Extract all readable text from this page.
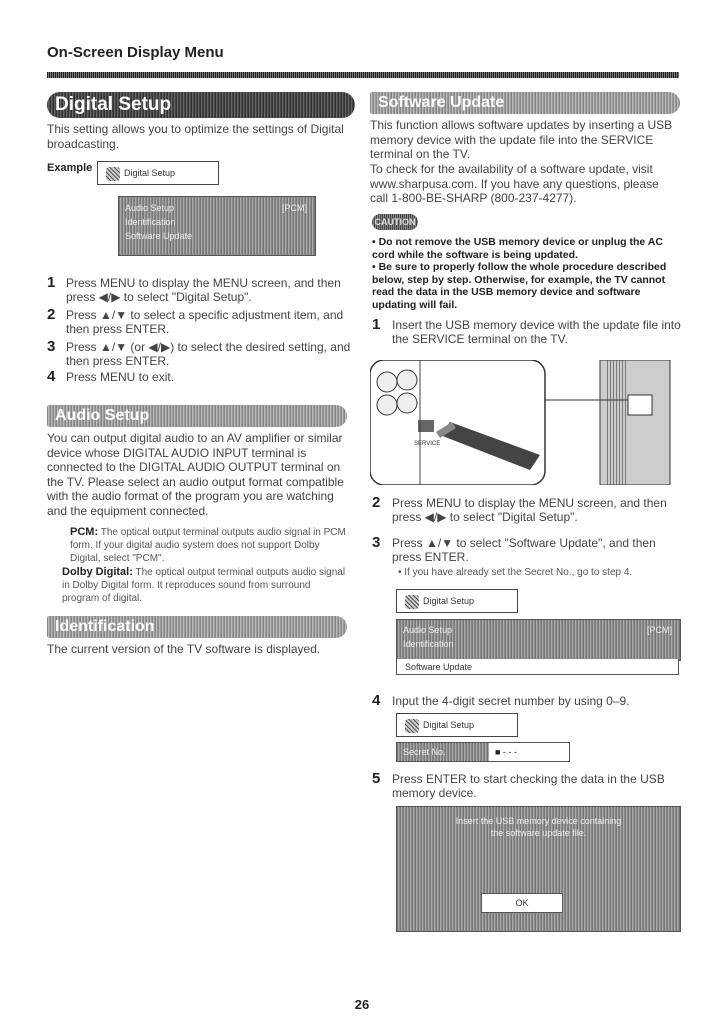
On-Screen Display Menu
Digital Setup
This setting allows you to optimize the settings of Digital broadcasting.
Example	Digital Setup
Audio Setup	[PCM]
Identification
Software Update
1 Press MENU to display the MENU screen, and then press ◀/▶ to select "Digital Setup".
2 Press ▲/▼ to select a specific adjustment item, and then press ENTER.
3 Press ▲/▼ (or ◀/▶) to select the desired setting, and then press ENTER.
4 Press MENU to exit.
Audio Setup
You can output digital audio to an AV amplifier or similar device whose DIGITAL AUDIO INPUT terminal is connected to the DIGITAL AUDIO OUTPUT terminal on the TV. Please select an audio output format compatible with the audio format of the program you are watching and the equipment connected.
PCM: The optical output terminal outputs audio signal in PCM form. If your digital audio system does not support Dolby Digital, select "PCM".
Dolby Digital: The optical output terminal outputs audio signal in Dolby Digital form. It reproduces sound from surround program of digital.
Identification
The current version of the TV software is displayed.
Software Update
This function allows software updates by inserting a USB memory device with the update file into the SERVICE terminal on the TV.
To check for the availability of a software update, visit www.sharpusa.com. If you have any questions, please call 1-800-BE-SHARP (800-237-4277).
CAUTION
• Do not remove the USB memory device or unplug the AC cord while the software is being updated.
• Be sure to properly follow the whole procedure described below, step by step. Otherwise, for example, the TV cannot read the data in the USB memory device and software updating will fail.
1 Insert the USB memory device with the update file into the SERVICE terminal on the TV.
SERVICE
2 Press MENU to display the MENU screen, and then press ◀/▶ to select "Digital Setup".
3 Press ▲/▼ to select "Software Update", and then press ENTER.
• If you have already set the Secret No., go to step 4.
Digital Setup
Audio Setup	[PCM]
Identification
Software Update
4 Input the 4-digit secret number by using 0–9.
Digital Setup
Secret No.	■ - - -
5 Press ENTER to start checking the data in the USB memory device.
Insert the USB memory device containing the software update file.
OK
26
